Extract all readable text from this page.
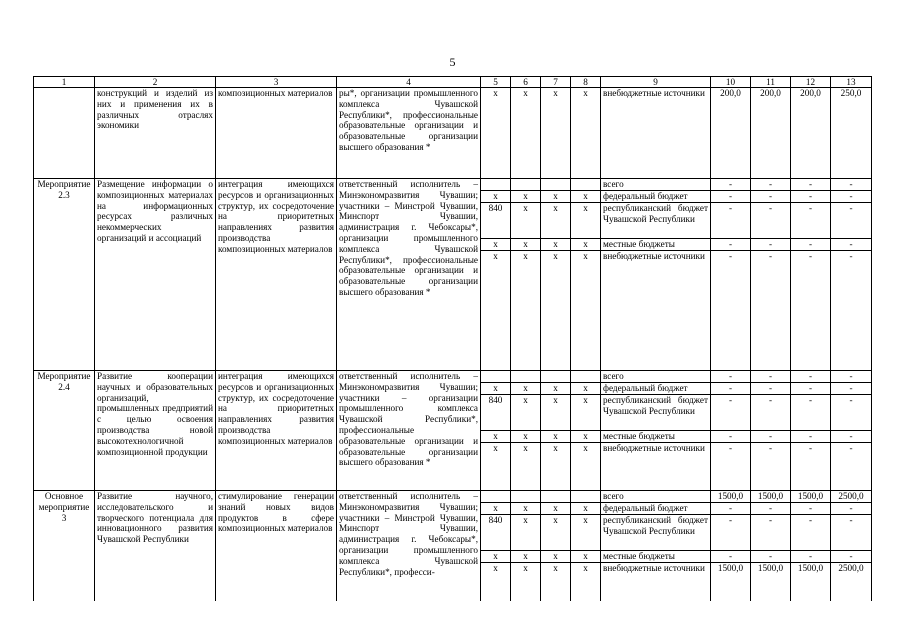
5
1	2	3	4	5	6	7	8	9	10	11	12	13
	конструкций и изделий из них и применения их в различных отраслях экономики	композиционных материалов	ры*, организации промышленного комплекса Чувашской Республики*, профессиональные образовательные организации и образовательные организации высшего образования *	x	x	x	x	внебюджетные источники	200,0	200,0	200,0	250,0
Мероприятие 2.3	Размещение информации о композиционных материалах на информационных ресурсах различных некоммерческих организаций и ассоциаций	интеграция имеющихся ресурсов и организационных структур, их сосредоточение на приоритетных направлениях развития производства композиционных материалов	ответственный исполнитель – Минэкономразвития Чувашии; участники – Минстрой Чувашии, Минспорт Чувашии, администрация г. Чебоксары*, организации промышленного комплекса Чувашской Республики*, профессиональные образовательные организации и образовательные организации высшего образования *					всего	-	-	-	-
				x	x	x	x	федеральный бюджет	-	-	-	-
				840	x	x	x	республиканский бюджет Чувашской Республики	-	-	-	-
				x	x	x	x	местные бюджеты	-	-	-	-
				x	x	x	x	внебюджетные источники	-	-	-	-
Мероприятие 2.4	Развитие кооперации научных и образовательных организаций, промышленных предприятий с целью освоения производства новой высокотехнологичной композиционной продукции	интеграция имеющихся ресурсов и организационных структур, их сосредоточение на приоритетных направлениях развития производства композиционных материалов	ответственный исполнитель – Минэкономразвития Чувашии; участники – организации промышленного комплекса Чувашской Республики*, профессиональные образовательные организации и образовательные организации высшего образования *					всего	-	-	-	-
				x	x	x	x	федеральный бюджет	-	-	-	-
				840	x	x	x	республиканский бюджет Чувашской Республики	-	-	-	-
				x	x	x	x	местные бюджеты	-	-	-	-
				x	x	x	x	внебюджетные источники	-	-	-	-
Основное мероприятие 3	Развитие научного, исследовательского и творческого потенциала для инновационного развития Чувашской Республики	стимулирование генерации знаний новых видов продуктов в сфере композиционных материалов	ответственный исполнитель – Минэкономразвития Чувашии; участники – Минстрой Чувашии, Минспорт Чувашии, администрация г. Чебоксары*, организации промышленного комплекса Чувашской Республики*, професси-					всего	1500,0	1500,0	1500,0	2500,0
				x	x	x	x	федеральный бюджет	-	-	-	-
				840	x	x	x	республиканский бюджет Чувашской Республики	-	-	-	-
				x	x	x	x	местные бюджеты	-	-	-	-
				x	x	x	x	внебюджетные источники	1500,0	1500,0	1500,0	2500,0
